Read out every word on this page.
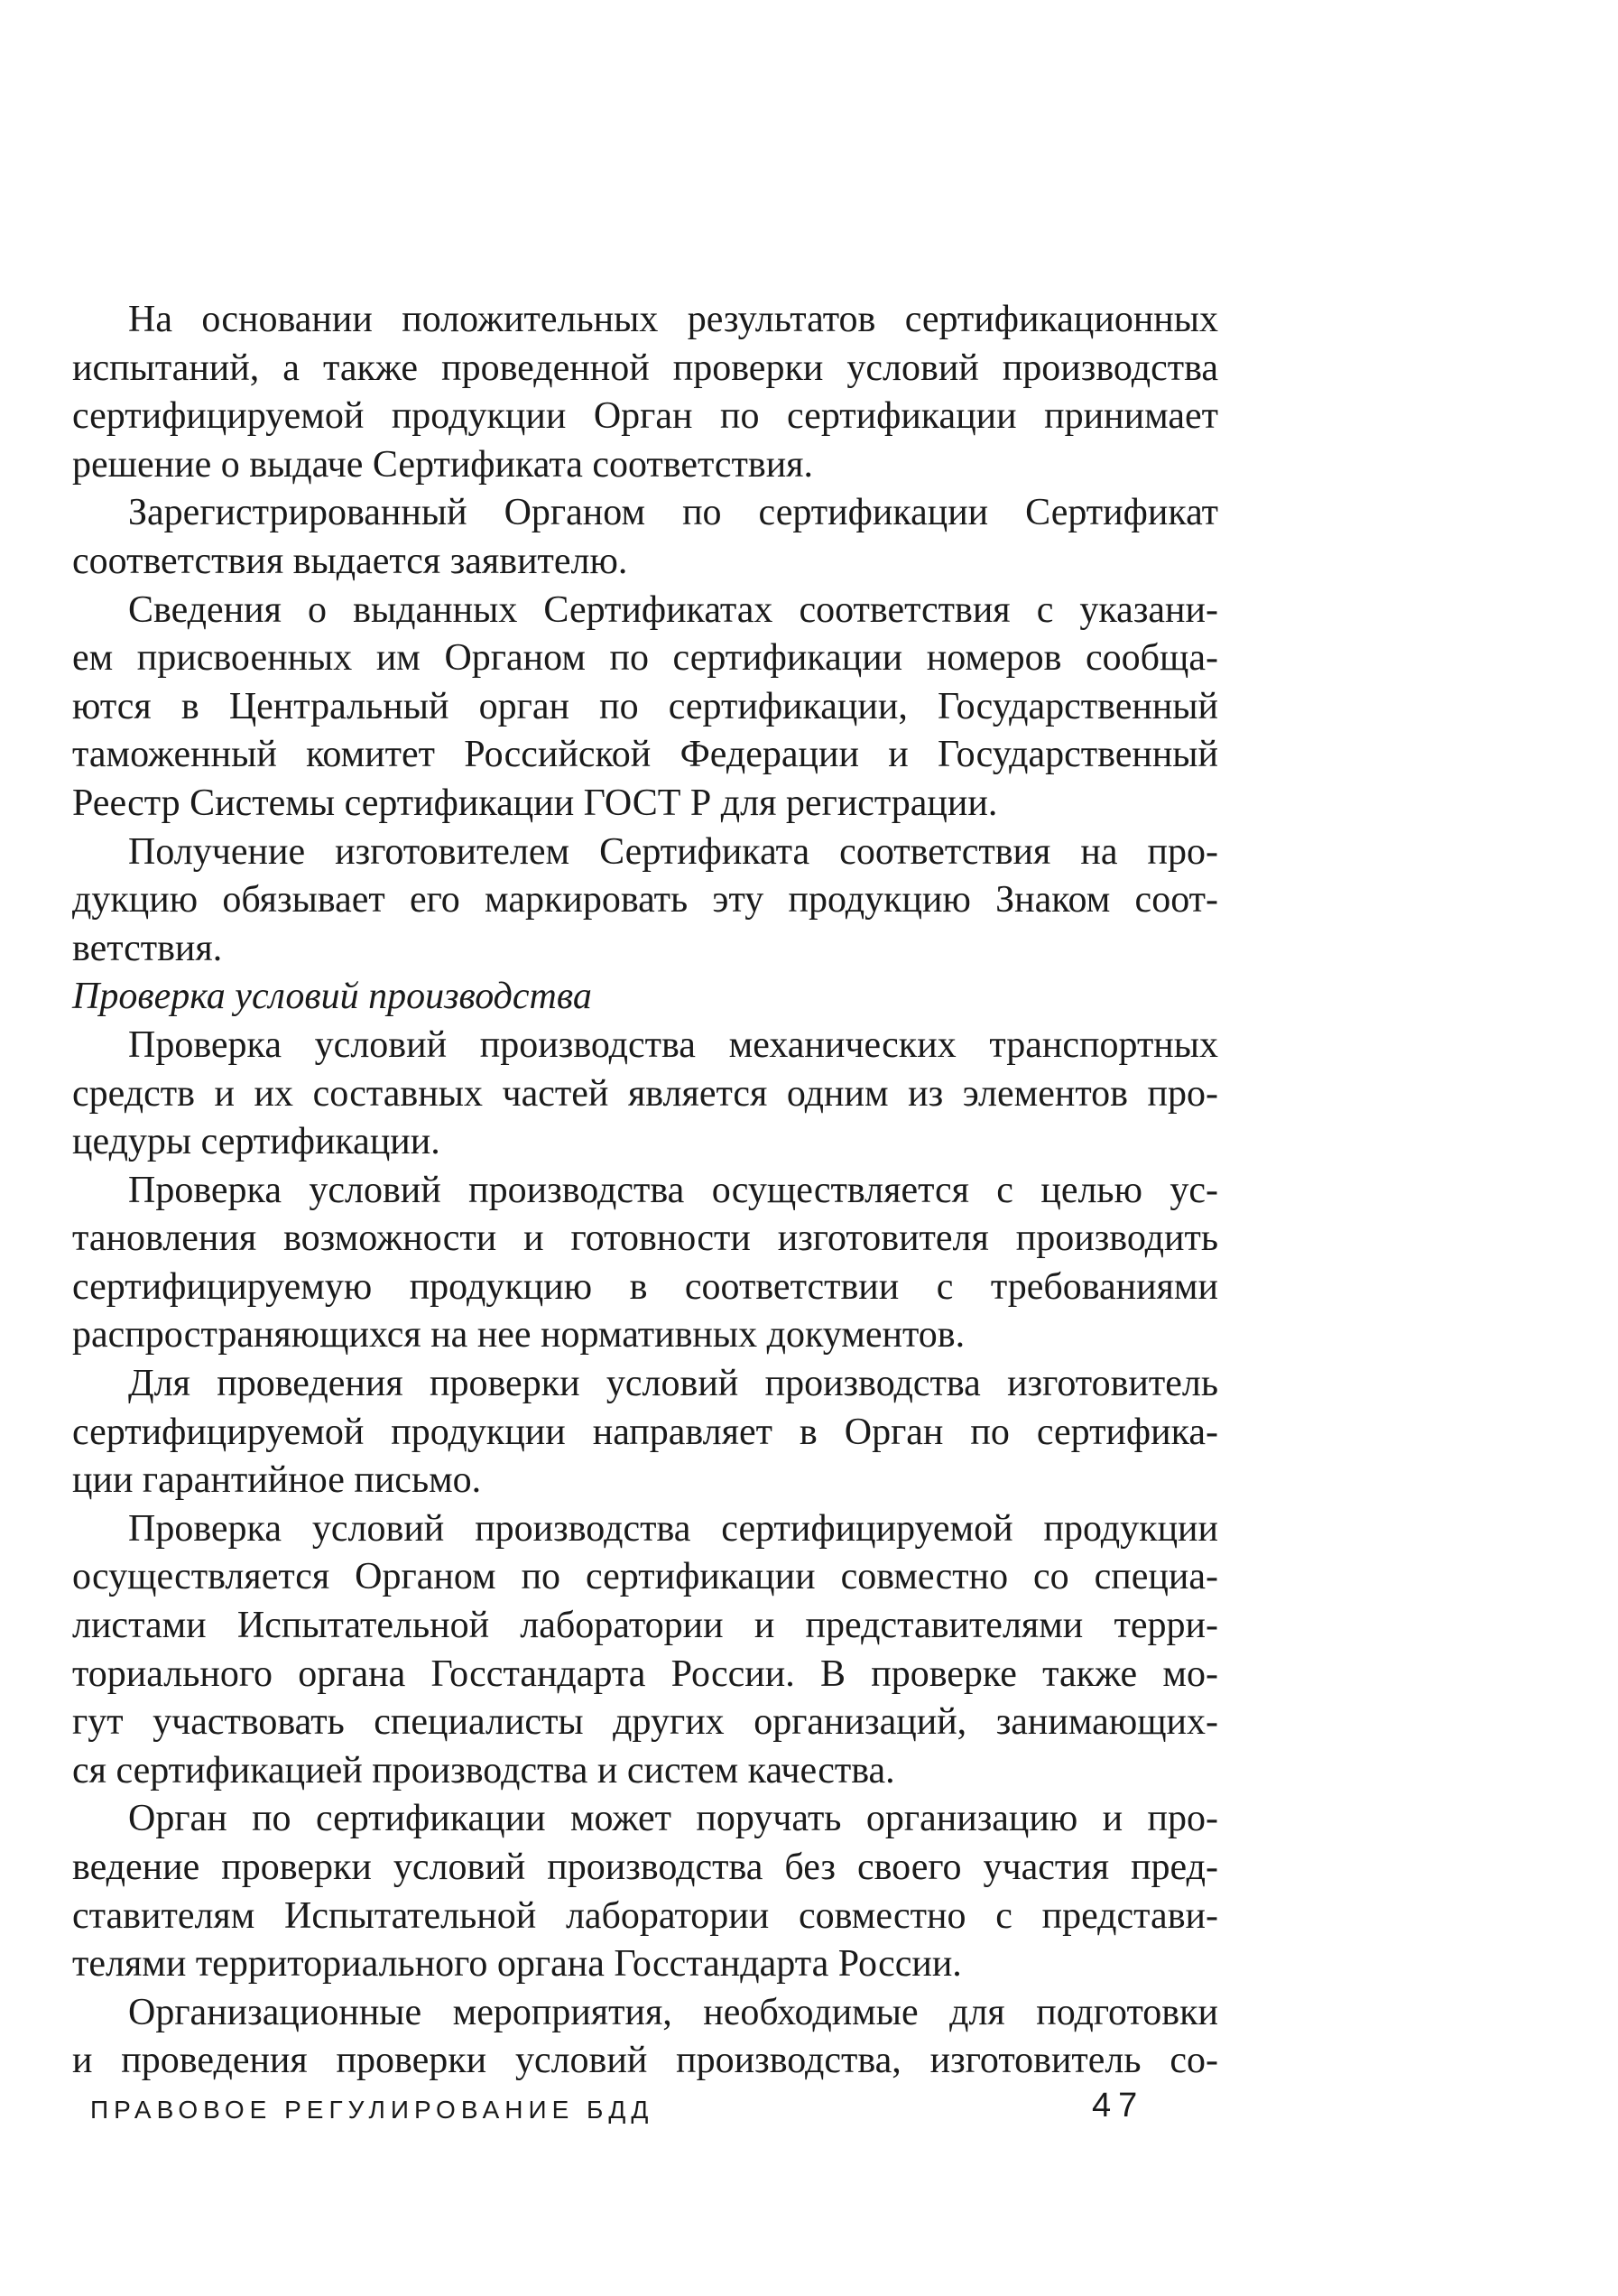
На основании положительных результатов сертификационных
испытаний, а также проведенной проверки условий производства
сертифицируемой продукции Орган по сертификации принимает
решение о выдаче Сертификата соответствия.
Зарегистрированный Органом по сертификации Сертификат
соответствия выдается заявителю.
Сведения о выданных Сертификатах соответствия с указани-
ем присвоенных им Органом по сертификации номеров сообща-
ются в Центральный орган по сертификации, Государственный
таможенный комитет Российской Федерации и Государственный
Реестр Системы сертификации ГОСТ Р для регистрации.
Получение изготовителем Сертификата соответствия на про-
дукцию обязывает его маркировать эту продукцию Знаком соот-
ветствия.
Проверка условий производства
Проверка условий производства механических транспортных
средств и их составных частей является одним из элементов про-
цедуры сертификации.
Проверка условий производства осуществляется с целью ус-
тановления возможности и готовности изготовителя производить
сертифицируемую продукцию в соответствии с требованиями
распространяющихся на нее нормативных документов.
Для проведения проверки условий производства изготовитель
сертифицируемой продукции направляет в Орган по сертифика-
ции гарантийное письмо.
Проверка условий производства сертифицируемой продукции
осуществляется Органом по сертификации совместно со специа-
листами Испытательной лаборатории и представителями терри-
ториального органа Госстандарта России. В проверке также мо-
гут участвовать специалисты других организаций, занимающих-
ся сертификацией производства и систем качества.
Орган по сертификации может поручать организацию и про-
ведение проверки условий производства без своего участия пред-
ставителям Испытательной лаборатории совместно с представи-
телями территориального органа Госстандарта России.
Организационные мероприятия, необходимые для подготовки
и проведения проверки условий производства, изготовитель со-
ПРАВОВОЕ РЕГУЛИРОВАНИЕ БДД	47
